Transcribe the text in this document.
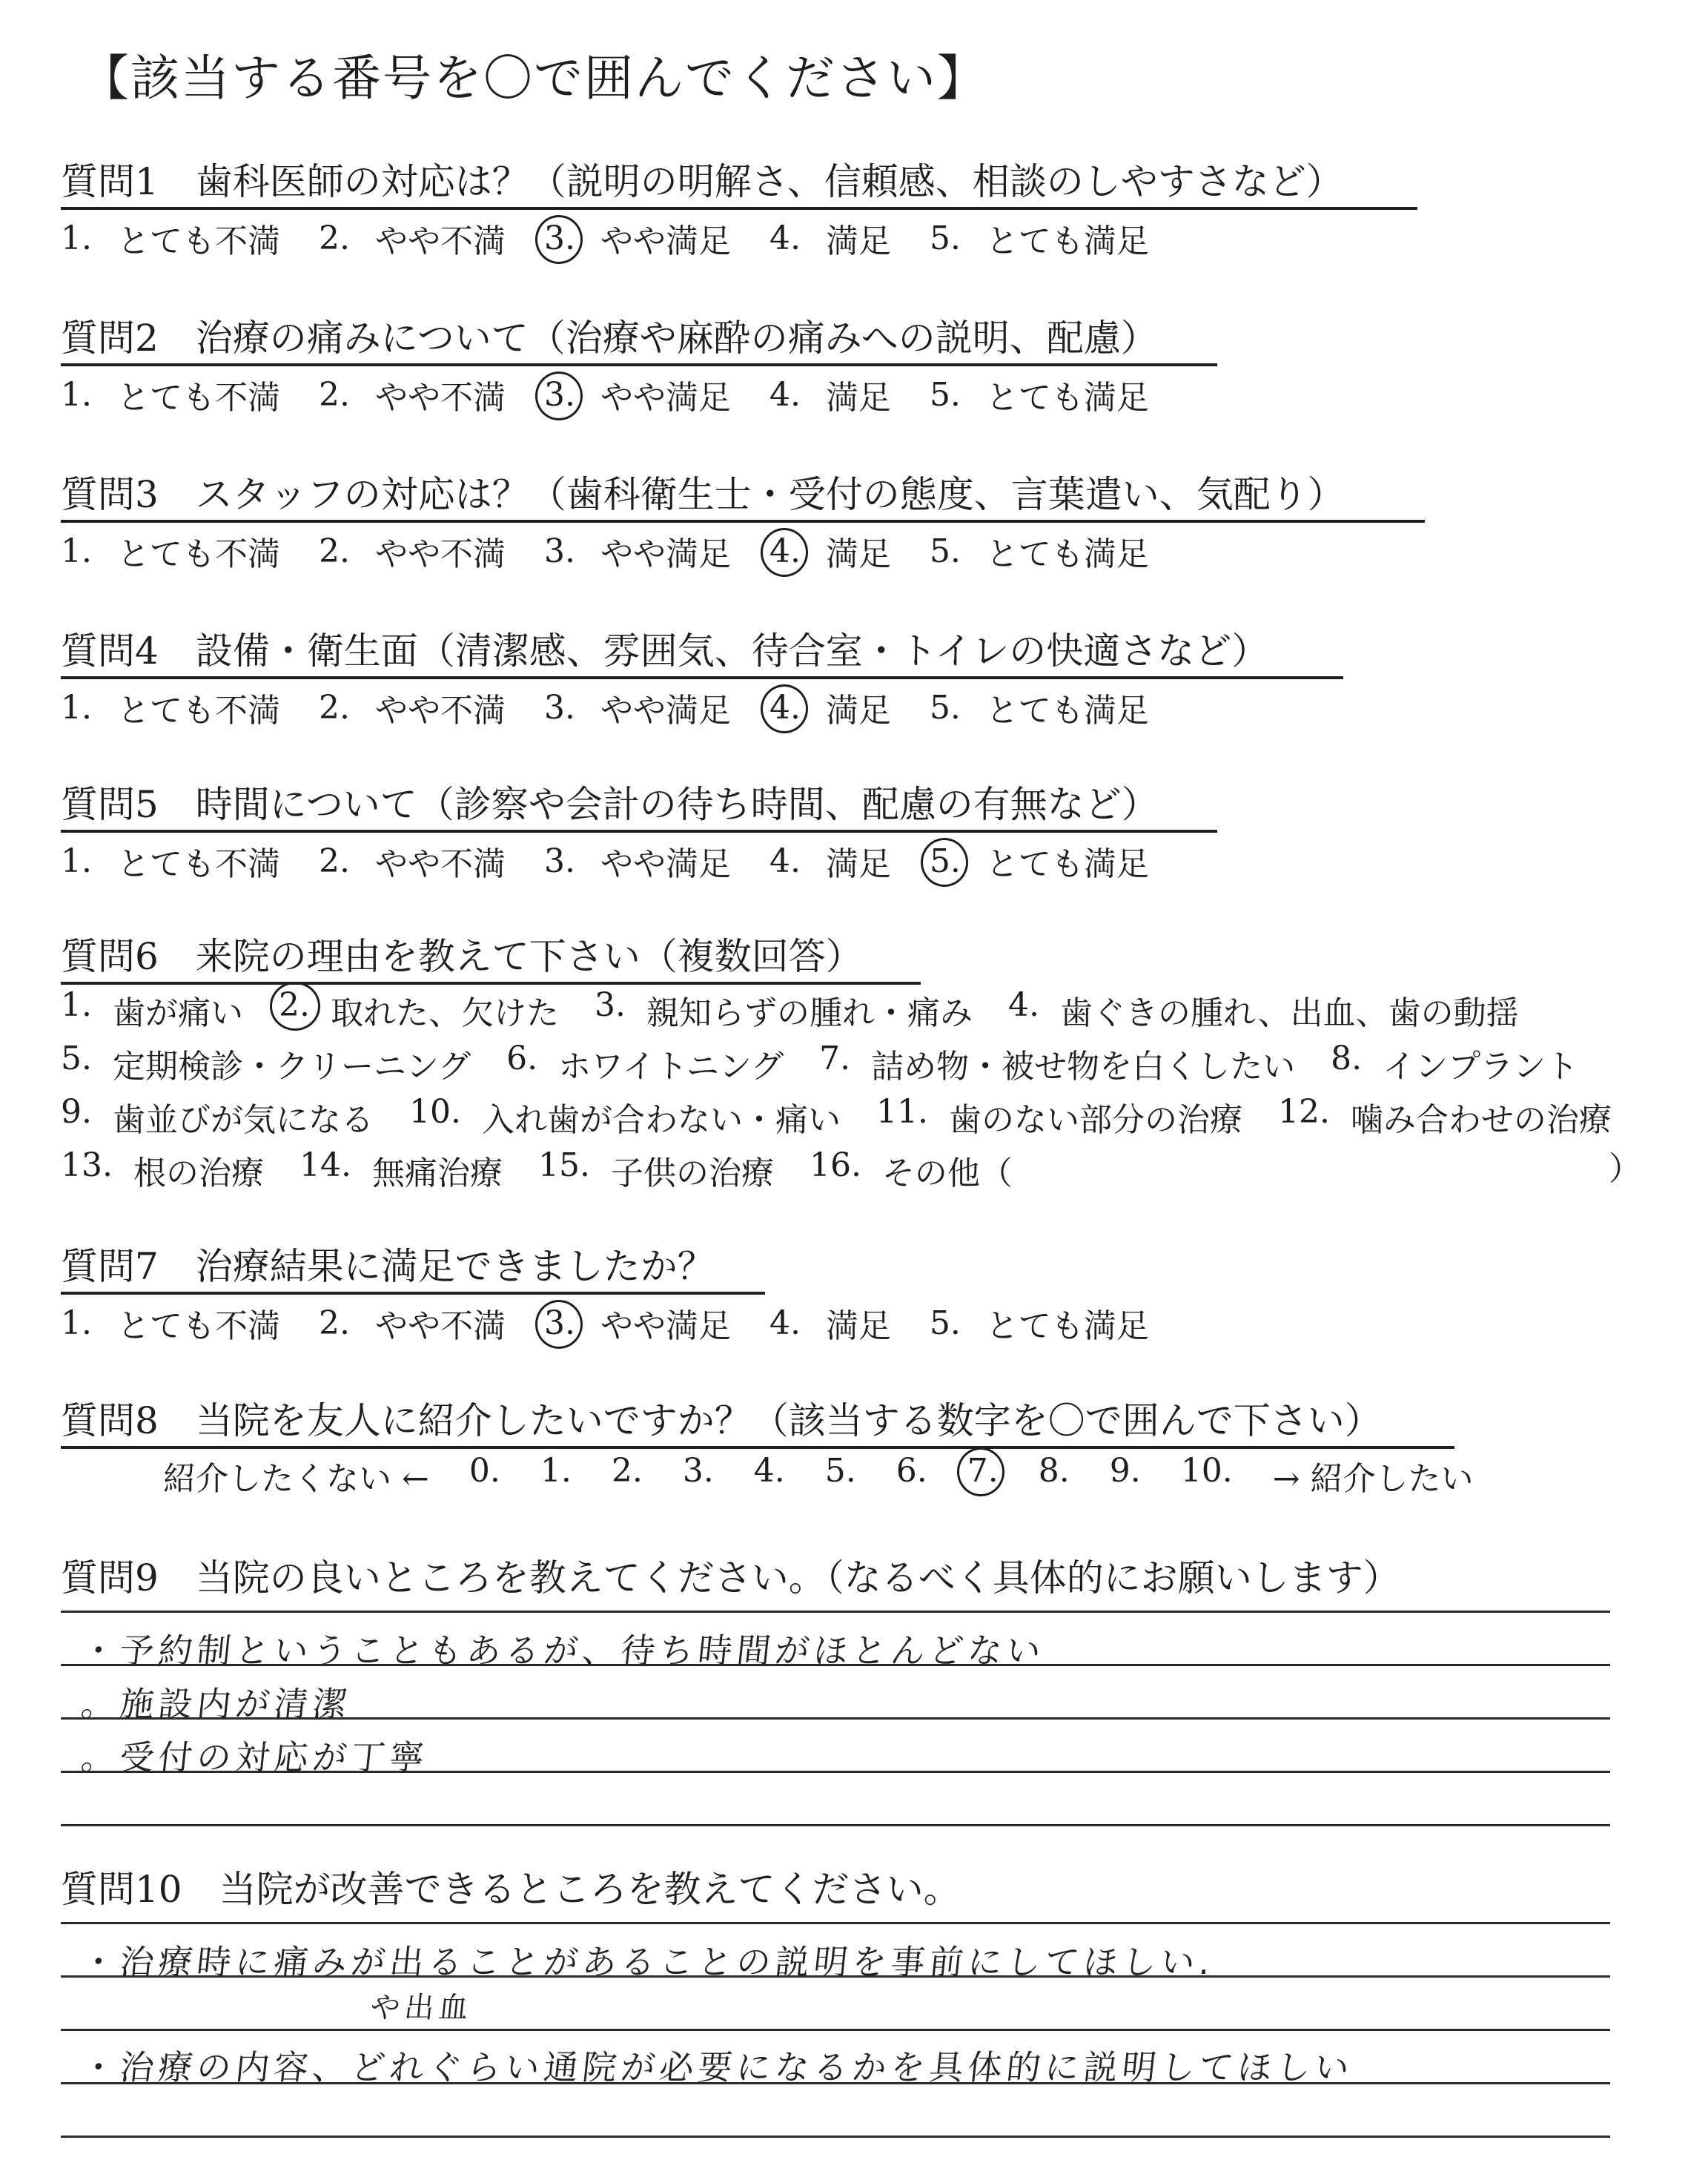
【該当する番号を〇で囲んでください】
質問1　歯科医師の対応は？（説明の明解さ、信頼感、相談のしやすさなど）
1. とても不満 2. やや不満 3. やや満足 4. 満足 5. とても満足
質問2　治療の痛みについて（治療や麻酔の痛みへの説明、配慮）
1. とても不満 2. やや不満 3. やや満足 4. 満足 5. とても満足
質問3　スタッフの対応は？（歯科衛生士・受付の態度、言葉遣い、気配り）
1. とても不満 2. やや不満 3. やや満足 4. 満足 5. とても満足
質問4　設備・衛生面（清潔感、雰囲気、待合室・トイレの快適さなど）
1. とても不満 2. やや不満 3. やや満足 4. 満足 5. とても満足
質問5　時間について（診察や会計の待ち時間、配慮の有無など）
1. とても不満 2. やや不満 3. やや満足 4. 満足 5. とても満足
質問6　来院の理由を教えて下さい（複数回答）
1. 歯が痛い 2. 取れた、欠けた 3. 親知らずの腫れ・痛み 4. 歯ぐきの腫れ、出血、歯の動揺
5. 定期検診・クリーニング 6. ホワイトニング 7. 詰め物・被せ物を白くしたい 8. インプラント
9. 歯並びが気になる 10. 入れ歯が合わない・痛い 11. 歯のない部分の治療 12. 噛み合わせの治療
13. 根の治療 14. 無痛治療 15. 子供の治療 16. その他（	）
質問7　治療結果に満足できましたか？
1. とても不満 2. やや不満 3. やや満足 4. 満足 5. とても満足
質問8　当院を友人に紹介したいですか？（該当する数字を〇で囲んで下さい）
紹介したくない ← 0. 1. 2. 3. 4. 5. 6. 7. 8. 9. 10. → 紹介したい
質問9　当院の良いところを教えてください。（なるべく具体的にお願いします）
・予約制ということもあるが、待ち時間がほとんどない
。施設内が清潔
。受付の対応が丁寧
質問10　当院が改善できるところを教えてください。
・治療時に痛みが出ることがあることの説明を事前にしてほしい.
や出血
・治療の内容、どれぐらい通院が必要になるかを具体的に説明してほしい
